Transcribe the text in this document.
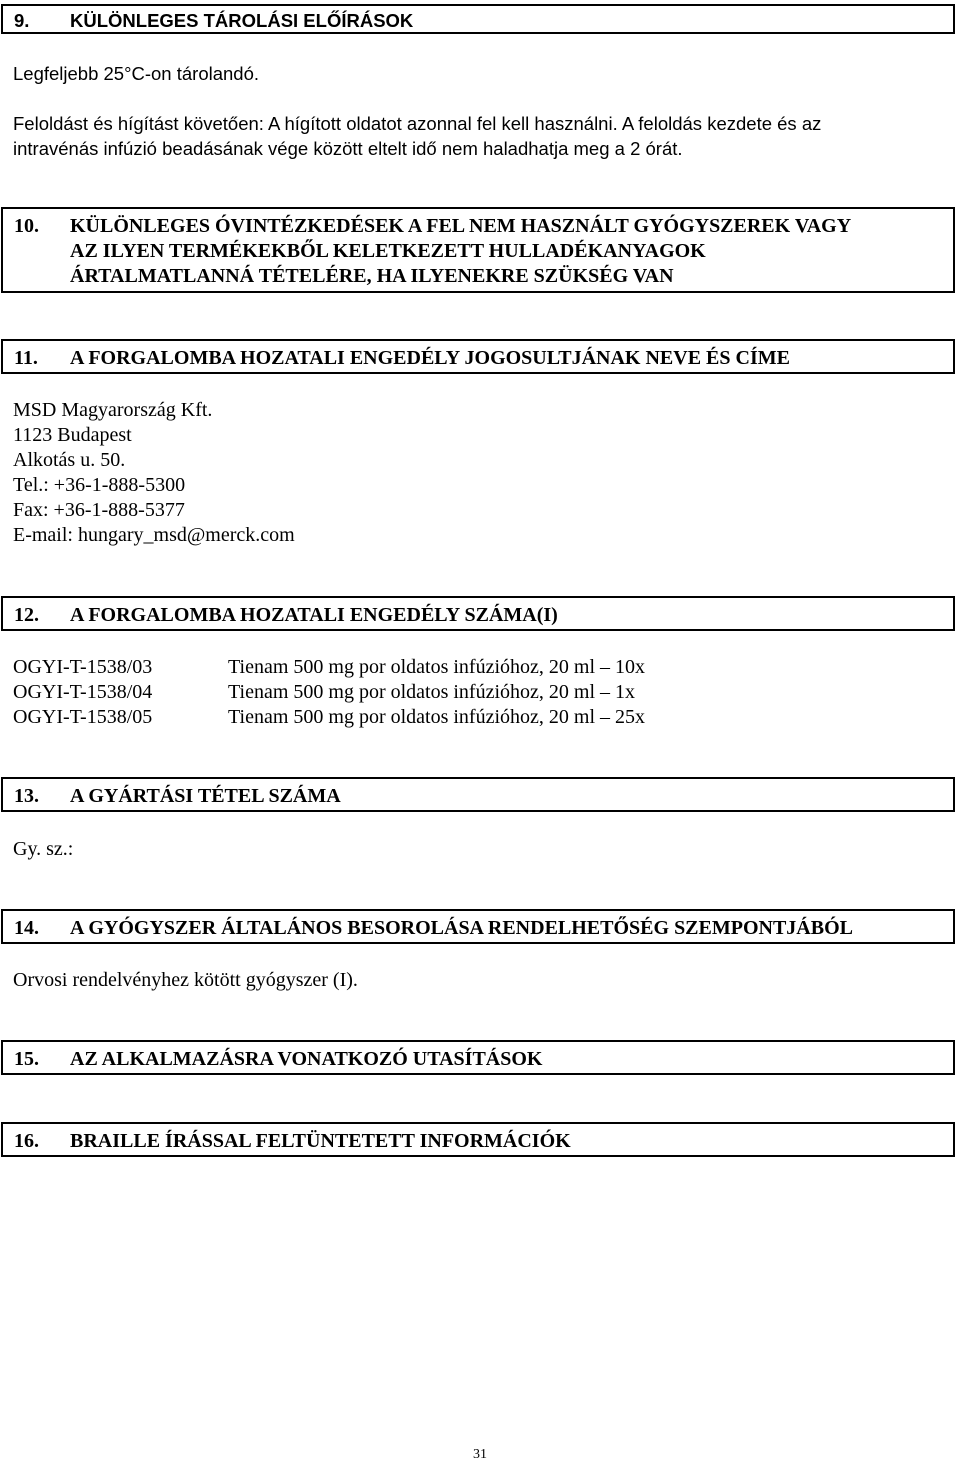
9. KÜLÖNLEGES TÁROLÁSI ELŐÍRÁSOK
Legfeljebb 25°C-on tárolandó.
Feloldást és hígítást követően: A hígított oldatot azonnal fel kell használni. A feloldás kezdete és az
intravénás infúzió beadásának vége között eltelt idő nem haladhatja meg a 2 órát.
10. KÜLÖNLEGES ÓVINTÉZKEDÉSEK A FEL NEM HASZNÁLT GYÓGYSZEREK VAGY
AZ ILYEN TERMÉKEKBŐL KELETKEZETT HULLADÉKANYAGOK
ÁRTALMATLANNÁ TÉTELÉRE, HA ILYENEKRE SZÜKSÉG VAN
11. A FORGALOMBA HOZATALI ENGEDÉLY JOGOSULTJÁNAK NEVE ÉS CÍME
MSD Magyarország Kft.
1123 Budapest
Alkotás u. 50.
Tel.: +36-1-888-5300
Fax: +36-1-888-5377
E-mail: hungary_msd@merck.com
12. A FORGALOMBA HOZATALI ENGEDÉLY SZÁMA(I)
OGYI-T-1538/03	Tienam 500 mg por oldatos infúzióhoz, 20 ml – 10x
OGYI-T-1538/04	Tienam 500 mg por oldatos infúzióhoz, 20 ml – 1x
OGYI-T-1538/05	Tienam 500 mg por oldatos infúzióhoz, 20 ml – 25x
13. A GYÁRTÁSI TÉTEL SZÁMA
Gy. sz.:
14. A GYÓGYSZER ÁLTALÁNOS BESOROLÁSA RENDELHETŐSÉG SZEMPONTJÁBÓL
Orvosi rendelvényhez kötött gyógyszer (I).
15. AZ ALKALMAZÁSRA VONATKOZÓ UTASÍTÁSOK
16. BRAILLE ÍRÁSSAL FELTÜNTETETT INFORMÁCIÓK
31
